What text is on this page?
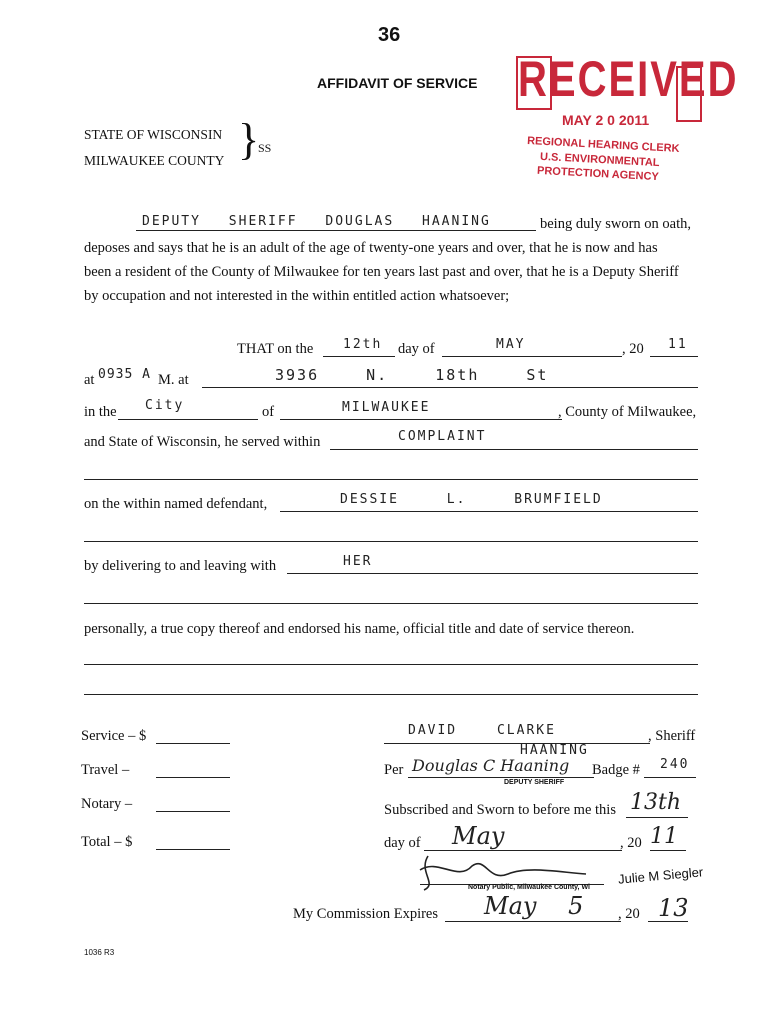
36
AFFIDAVIT OF SERVICE RECEIVED
MAY 2 0 2011
REGIONAL HEARING CLERK
U.S. ENVIRONMENTAL
PROTECTION AGENCY
STATE OF WISCONSIN
MILWAUKEE COUNTY }
SS
DEPUTY SHERIFF DOUGLAS HAANING	being duly sworn on oath,
deposes and says that he is an adult of the age of twenty-one years and over, that he is now and has
been a resident of the County of Milwaukee for ten years last past and over, that he is a Deputy Sheriff
by occupation and not interested in the within entitled action whatsoever;
THAT on the 12th day of	MAY	, 20 11
at 0935 A M. at	3936 N. 18th St
in the City	of	MILWAUKEE	, County of Milwaukee,
and State of Wisconsin, he served within	COMPLAINT
on the within named defendant,	DESSIE L. BRUMFIELD
by delivering to and leaving with	HER
personally, a true copy thereof and endorsed his name, official title and date of service thereon.
Service – $
Travel –
Notary –
Total – $
DAVID CLARKE	, Sheriff
HAANING
Per Douglas C Haaning Badge # 240
DEPUTY SHERIFF
Subscribed and Sworn to before me this 13th
day of May	, 20 11
Notary Public, Milwaukee County, Wi
Julie M Siegler
My Commission Expires May 5 , 20 13
1036 R3
